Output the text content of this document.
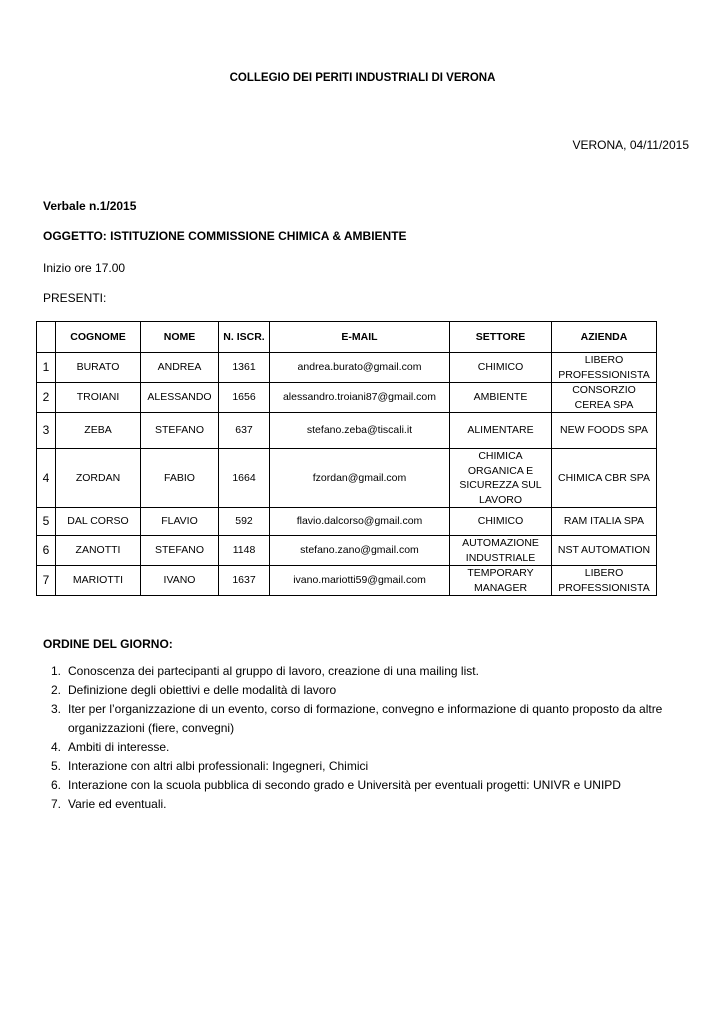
COLLEGIO DEI PERITI INDUSTRIALI DI VERONA
VERONA, 04/11/2015
Verbale n.1/2015
OGGETTO: ISTITUZIONE COMMISSIONE CHIMICA & AMBIENTE
Inizio ore 17.00
PRESENTI:
	COGNOME	NOME	N. ISCR.	E-MAIL	SETTORE	AZIENDA
1	BURATO	ANDREA	1361	andrea.burato@gmail.com	CHIMICO	LIBERO PROFESSIONISTA
2	TROIANI	ALESSANDO	1656	alessandro.troiani87@gmail.com	AMBIENTE	CONSORZIO CEREA SPA
3	ZEBA	STEFANO	637	stefano.zeba@tiscali.it	ALIMENTARE	NEW FOODS SPA
4	ZORDAN	FABIO	1664	fzordan@gmail.com	CHIMICA ORGANICA E SICUREZZA SUL LAVORO	CHIMICA CBR SPA
5	DAL CORSO	FLAVIO	592	flavio.dalcorso@gmail.com	CHIMICO	RAM ITALIA SPA
6	ZANOTTI	STEFANO	1148	stefano.zano@gmail.com	AUTOMAZIONE INDUSTRIALE	NST AUTOMATION
7	MARIOTTI	IVANO	1637	ivano.mariotti59@gmail.com	TEMPORARY MANAGER	LIBERO PROFESSIONISTA
ORDINE DEL GIORNO:
1. Conoscenza dei partecipanti al gruppo di lavoro, creazione di una mailing list.
2. Definizione degli obiettivi e delle modalità di lavoro
3. Iter per l’organizzazione di un evento, corso di formazione, convegno e informazione di quanto proposto da altre organizzazioni (fiere, convegni)
4. Ambiti di interesse.
5. Interazione con altri albi professionali: Ingegneri, Chimici
6. Interazione con la scuola pubblica di secondo grado e Università per eventuali progetti: UNIVR e UNIPD
7. Varie ed eventuali.
